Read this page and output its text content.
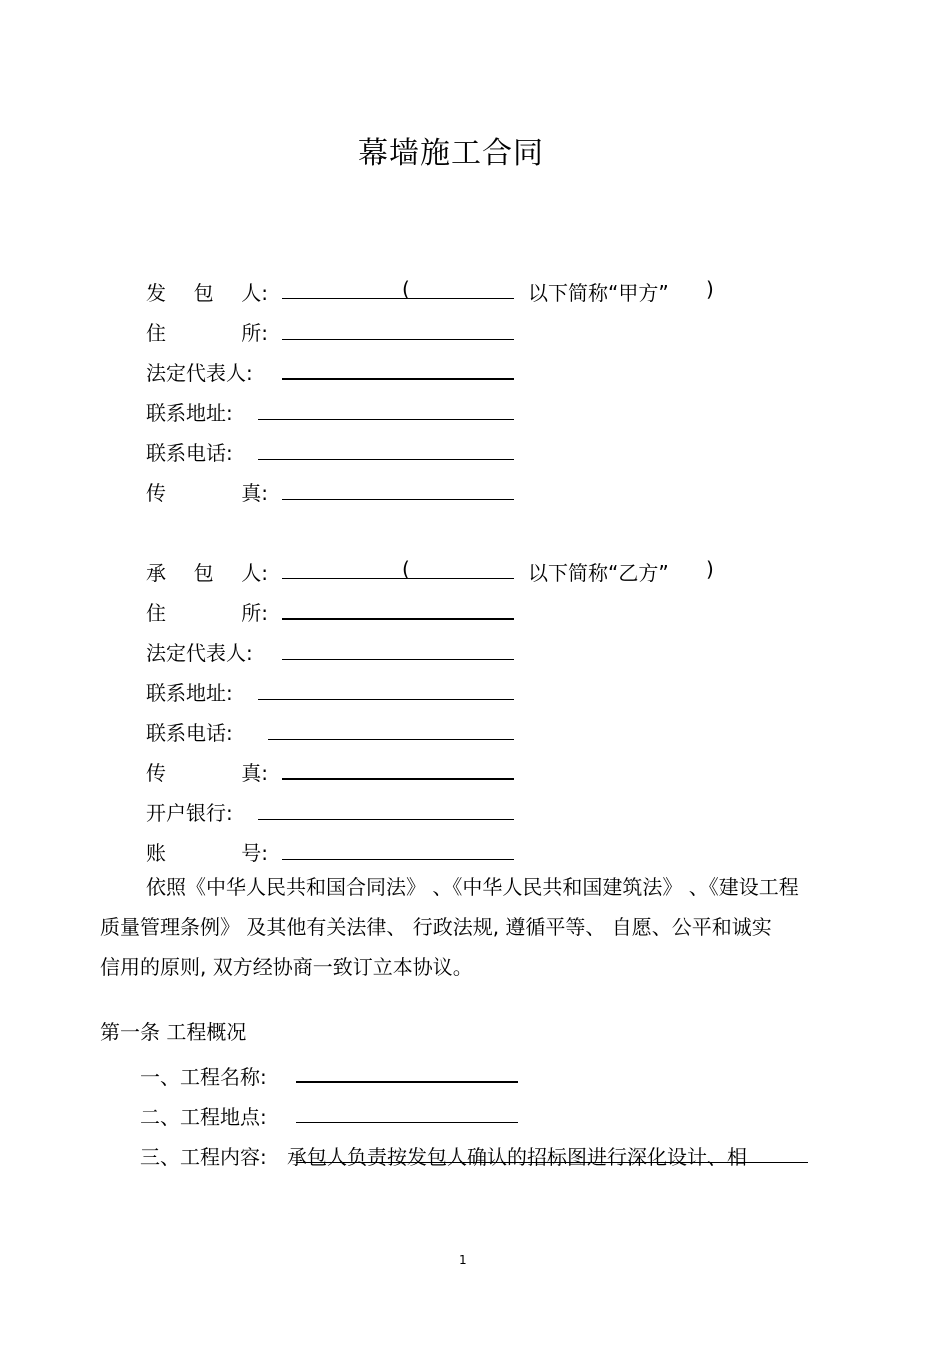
幕墙施工合同
发 包 人:	(	以下简称“甲方” )
住	所:
法定代表人:
联系地址:
联系电话:
传	真:
承 包 人:	(	以下简称“乙方” )
住	所:
法定代表人:
联系地址:
联系电话:
传	真:
开户银行:
账	号:
依照《中华人民共和国合同法》 、《中华人民共和国建筑法》 、《建设工程
质量管理条例》 及其他有关法律、 行政法规, 遵循平等、 自愿、公平和诚实
信用的原则, 双方经协商一致订立本协议。
第一条 工程概况
一、工程名称:
二、工程地点:
三、工程内容: 承包人负责按发包人确认的招标图进行深化设计、相
1
